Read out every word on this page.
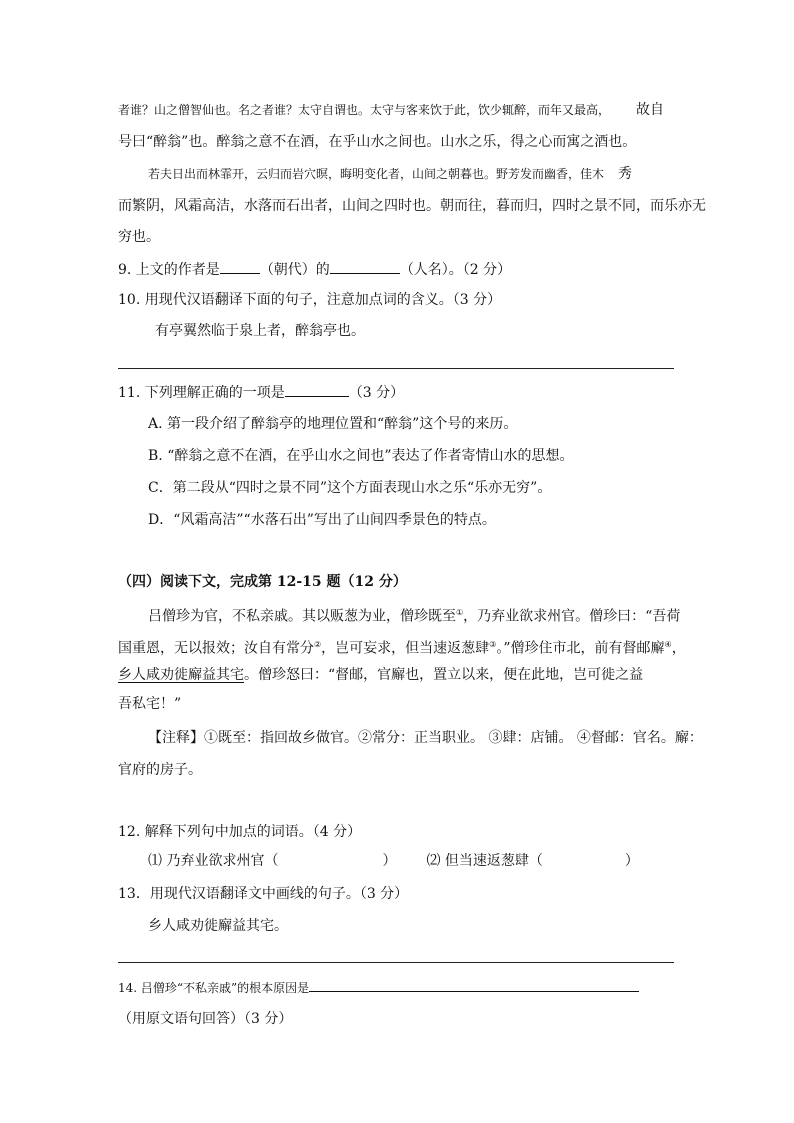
者谁？山之僧智仙也。名之者谁？太守自谓也。太守与客来饮于此，饮少辄醉，而年又最高， 故自
号曰“醉翁”也。醉翁之意不在酒，在乎山水之间也。山水之乐，得之心而寓之酒也。
若夫日出而林霏开，云归而岩穴暝，晦明变化者，山间之朝暮也。野芳发而幽香，佳木 秀
而繁阴，风霜高洁，水落而石出者，山间之四时也。朝而往，暮而归，四时之景不同，而乐亦无
穷也。
9. 上文的作者是	（朝代）的	（人名）。（2 分）
10. 用现代汉语翻译下面的句子，注意加点词的含义。（3 分）
有亭翼然临于泉上者，醉翁亭也。
11. 下列理解正确的一项是	（3 分）
A. 第一段介绍了醉翁亭的地理位置和“醉翁”这个号的来历。
B. “醉翁之意不在酒，在乎山水之间也”表达了作者寄情山水的思想。
C．第二段从“四时之景不同”这个方面表现山水之乐“乐亦无穷”。
D．“风霜高洁”“水落石出”写出了山间四季景色的特点。
（四）阅读下文，完成第 12-15 题（12 分）
吕僧珍为官，不私亲戚。其以贩葱为业，僧珍既至①，乃弃业欲求州官。僧珍曰：“吾荷
国重恩，无以报效；汝自有常分②，岂可妄求，但当速返葱肆③。”僧珍住市北，前有督邮廨④，
乡人咸劝徙廨益其宅。僧珍怒曰：“督邮，官廨也，置立以来，便在此地，岂可徙之益
吾私宅！”
【注释】①既至：指回故乡做官。②常分：正当职业。 ③肆：店铺。 ④督邮：官名。廨：
官府的房子。
12. 解释下列句中加点的词语。（4 分）
⑴ 乃弃业欲求州官（	） ⑵ 但当速返葱肆（	）
13．用现代汉语翻译文中画线的句子。（3 分）
乡人咸劝徙廨益其宅。
14. 吕僧珍“不私亲戚”的根本原因是
（用原文语句回答）（3 分）
